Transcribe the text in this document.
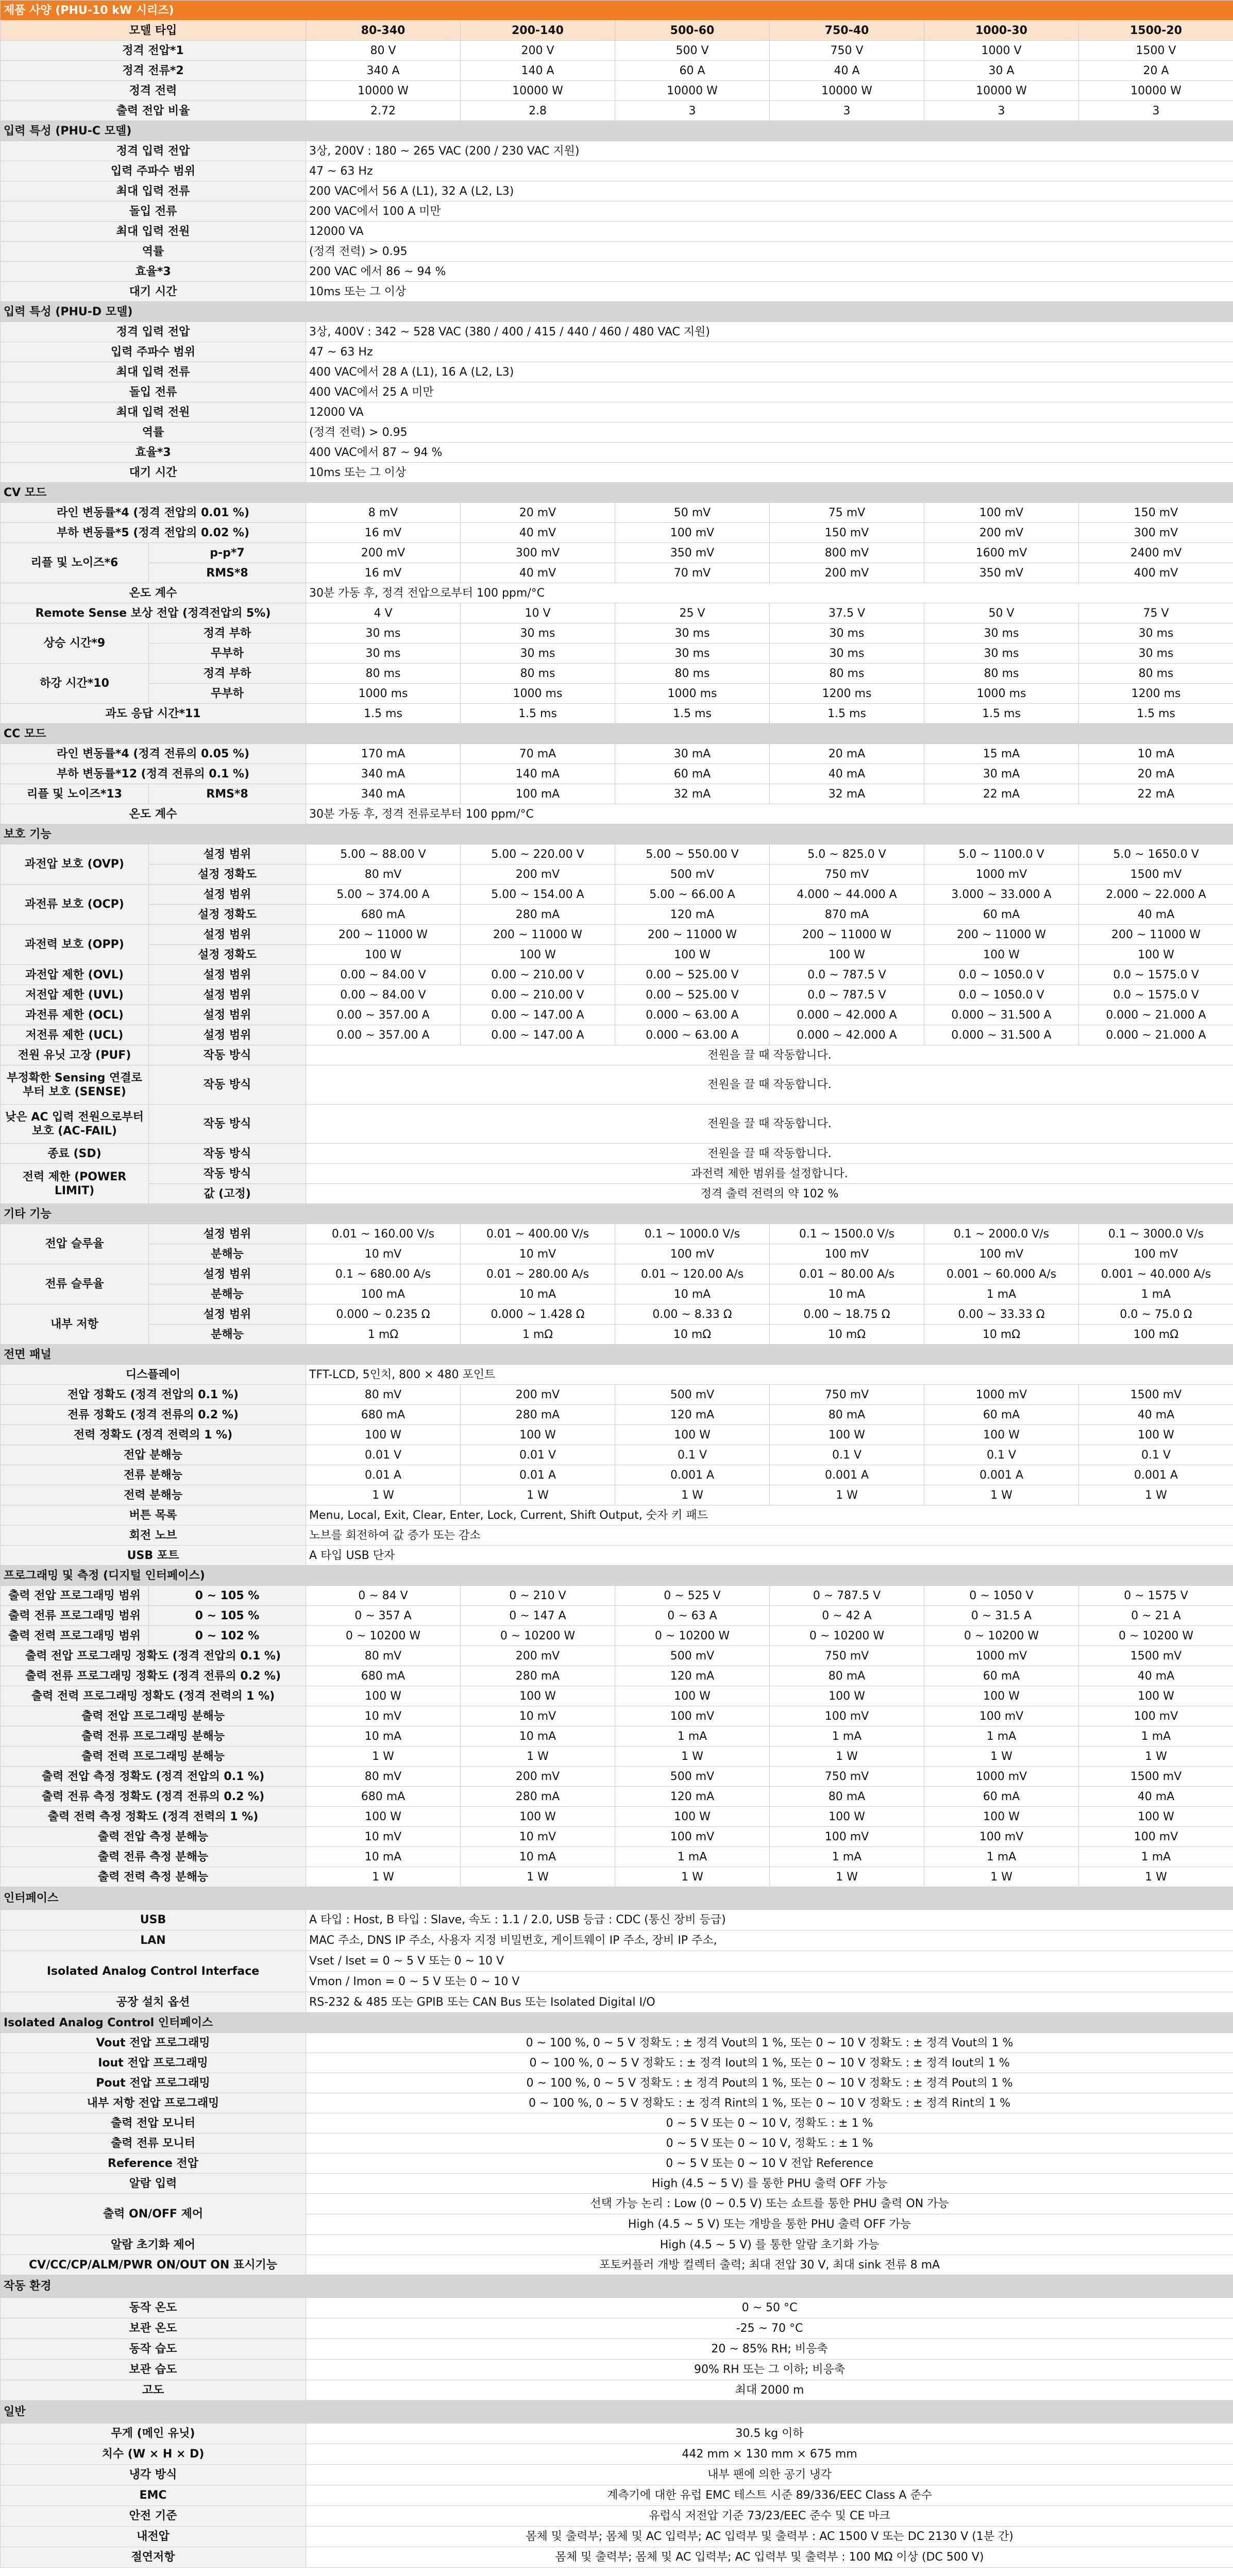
제품 사양 (PHU-10 kW 시리즈)							
모델 타입		80-340	200-140	500-60	750-40	1000-30	1500-20
정격 전압*1		80 V	200 V	500 V	750 V	1000 V	1500 V
정격 전류*2		340 A	140 A	60 A	40 A	30 A	20 A
정격 전력		10000 W	10000 W	10000 W	10000 W	10000 W	10000 W
출력 전압 비율		2.72	2.8	3	3	3	3
입력 특성 (PHU-C 모델)							
정격 입력 전압		3상, 200V : 180 ~ 265 VAC (200 / 230 VAC 지원)					
입력 주파수 범위		47 ~ 63 Hz					
최대 입력 전류		200 VAC에서 56 A (L1), 32 A (L2, L3)					
돌입 전류		200 VAC에서 100 A 미만					
최대 입력 전원		12000 VA					
역률		(정격 전력) > 0.95					
효율*3		200 VAC 에서 86 ~ 94 %					
대기 시간		10ms 또는 그 이상					
입력 특성 (PHU-D 모델)							
정격 입력 전압		3상, 400V : 342 ~ 528 VAC (380 / 400 / 415 / 440 / 460 / 480 VAC 지원)					
입력 주파수 범위		47 ~ 63 Hz					
최대 입력 전류		400 VAC에서 28 A (L1), 16 A (L2, L3)					
돌입 전류		400 VAC에서 25 A 미만					
최대 입력 전원		12000 VA					
역률		(정격 전력) > 0.95					
효율*3		400 VAC에서 87 ~ 94 %					
대기 시간		10ms 또는 그 이상					
CV 모드							
라인 변동률*4 (정격 전압의 0.01 %)		8 mV	20 mV	50 mV	75 mV	100 mV	150 mV
부하 변동률*5 (정격 전압의 0.02 %)		16 mV	40 mV	100 mV	150 mV	200 mV	300 mV
리플 및 노이즈*6	p-p*7	200 mV	300 mV	350 mV	800 mV	1600 mV	2400 mV
	RMS*8	16 mV	40 mV	70 mV	200 mV	350 mV	400 mV
온도 계수		30분 가동 후, 정격 전압으로부터 100 ppm/°C					
Remote Sense 보상 전압 (정격전압의 5%)		4 V	10 V	25 V	37.5 V	50 V	75 V
상승 시간*9	정격 부하	30 ms	30 ms	30 ms	30 ms	30 ms	30 ms
	무부하	30 ms	30 ms	30 ms	30 ms	30 ms	30 ms
하강 시간*10	정격 부하	80 ms	80 ms	80 ms	80 ms	80 ms	80 ms
	무부하	1000 ms	1000 ms	1000 ms	1200 ms	1000 ms	1200 ms
과도 응답 시간*11		1.5 ms	1.5 ms	1.5 ms	1.5 ms	1.5 ms	1.5 ms
CC 모드							
라인 변동률*4 (정격 전류의 0.05 %)		170 mA	70 mA	30 mA	20 mA	15 mA	10 mA
부하 변동률*12 (정격 전류의 0.1 %)		340 mA	140 mA	60 mA	40 mA	30 mA	20 mA
리플 및 노이즈*13	RMS*8	340 mA	100 mA	32 mA	32 mA	22 mA	22 mA
온도 계수		30분 가동 후, 정격 전류로부터 100 ppm/°C					
보호 기능							
과전압 보호 (OVP)	설정 범위	5.00 ~ 88.00 V	5.00 ~ 220.00 V	5.00 ~ 550.00 V	5.0 ~ 825.0 V	5.0 ~ 1100.0 V	5.0 ~ 1650.0 V
	설정 정확도	80 mV	200 mV	500 mV	750 mV	1000 mV	1500 mV
과전류 보호 (OCP)	설정 범위	5.00 ~ 374.00 A	5.00 ~ 154.00 A	5.00 ~ 66.00 A	4.000 ~ 44.000 A	3.000 ~ 33.000 A	2.000 ~ 22.000 A
	설정 정확도	680 mA	280 mA	120 mA	870 mA	60 mA	40 mA
과전력 보호 (OPP)	설정 범위	200 ~ 11000 W	200 ~ 11000 W	200 ~ 11000 W	200 ~ 11000 W	200 ~ 11000 W	200 ~ 11000 W
	설정 정확도	100 W	100 W	100 W	100 W	100 W	100 W
과전압 제한 (OVL)	설정 범위	0.00 ~ 84.00 V	0.00 ~ 210.00 V	0.00 ~ 525.00 V	0.0 ~ 787.5 V	0.0 ~ 1050.0 V	0.0 ~ 1575.0 V
저전압 제한 (UVL)	설정 범위	0.00 ~ 84.00 V	0.00 ~ 210.00 V	0.00 ~ 525.00 V	0.0 ~ 787.5 V	0.0 ~ 1050.0 V	0.0 ~ 1575.0 V
과전류 제한 (OCL)	설정 범위	0.00 ~ 357.00 A	0.00 ~ 147.00 A	0.000 ~ 63.00 A	0.000 ~ 42.000 A	0.000 ~ 31.500 A	0.000 ~ 21.000 A
저전류 제한 (UCL)	설정 범위	0.00 ~ 357.00 A	0.00 ~ 147.00 A	0.000 ~ 63.00 A	0.000 ~ 42.000 A	0.000 ~ 31.500 A	0.000 ~ 21.000 A
전원 유닛 고장 (PUF)	작동 방식	전원을 끌 때 작동합니다.					
부정확한 Sensing 연결로부터 보호 (SENSE)	작동 방식	전원을 끌 때 작동합니다.					
낮은 AC 입력 전원으로부터 보호 (AC-FAIL)	작동 방식	전원을 끌 때 작동합니다.					
종료 (SD)	작동 방식	전원을 끌 때 작동합니다.					
전력 제한 (POWER LIMIT)	작동 방식	과전력 제한 범위를 설정합니다.					
	값 (고정)	정격 출력 전력의 약 102 %					
기타 기능							
전압 슬루율	설정 범위	0.01 ~ 160.00 V/s	0.01 ~ 400.00 V/s	0.1 ~ 1000.0 V/s	0.1 ~ 1500.0 V/s	0.1 ~ 2000.0 V/s	0.1 ~ 3000.0 V/s
	분해능	10 mV	10 mV	100 mV	100 mV	100 mV	100 mV
전류 슬루율	설정 범위	0.1 ~ 680.00 A/s	0.01 ~ 280.00 A/s	0.01 ~ 120.00 A/s	0.01 ~ 80.00 A/s	0.001 ~ 60.000 A/s	0.001 ~ 40.000 A/s
	분해능	100 mA	10 mA	10 mA	10 mA	1 mA	1 mA
내부 저항	설정 범위	0.000 ~ 0.235 Ω	0.000 ~ 1.428 Ω	0.00 ~ 8.33 Ω	0.00 ~ 18.75 Ω	0.00 ~ 33.33 Ω	0.0 ~ 75.0 Ω
	분해능	1 mΩ	1 mΩ	10 mΩ	10 mΩ	10 mΩ	100 mΩ
전면 패널							
디스플레이		TFT-LCD, 5인치, 800 × 480 포인트					
전압 정확도 (정격 전압의 0.1 %)		80 mV	200 mV	500 mV	750 mV	1000 mV	1500 mV
전류 정확도 (정격 전류의 0.2 %)		680 mA	280 mA	120 mA	80 mA	60 mA	40 mA
전력 정확도 (정격 전력의 1 %)		100 W	100 W	100 W	100 W	100 W	100 W
전압 분해능		0.01 V	0.01 V	0.1 V	0.1 V	0.1 V	0.1 V
전류 분해능		0.01 A	0.01 A	0.001 A	0.001 A	0.001 A	0.001 A
전력 분해능		1 W	1 W	1 W	1 W	1 W	1 W
버튼 목록		Menu, Local, Exit, Clear, Enter, Lock, Current, Shift Output, 숫자 키 패드					
회전 노브		노브를 회전하여 값 증가 또는 감소					
USB 포트		A 타입 USB 단자					
프로그래밍 및 측정 (디지털 인터페이스)							
출력 전압 프로그래밍 범위	0 ~ 105 %	0 ~ 84 V	0 ~ 210 V	0 ~ 525 V	0 ~ 787.5 V	0 ~ 1050 V	0 ~ 1575 V
출력 전류 프로그래밍 범위	0 ~ 105 %	0 ~ 357 A	0 ~ 147 A	0 ~ 63 A	0 ~ 42 A	0 ~ 31.5 A	0 ~ 21 A
출력 전력 프로그래밍 범위	0 ~ 102 %	0 ~ 10200 W	0 ~ 10200 W	0 ~ 10200 W	0 ~ 10200 W	0 ~ 10200 W	0 ~ 10200 W
출력 전압 프로그래밍 정확도 (정격 전압의 0.1 %)		80 mV	200 mV	500 mV	750 mV	1000 mV	1500 mV
출력 전류 프로그래밍 정확도 (정격 전류의 0.2 %)		680 mA	280 mA	120 mA	80 mA	60 mA	40 mA
출력 전력 프로그래밍 정확도 (정격 전력의 1 %)		100 W	100 W	100 W	100 W	100 W	100 W
출력 전압 프로그래밍 분해능		10 mV	10 mV	100 mV	100 mV	100 mV	100 mV
출력 전류 프로그래밍 분해능		10 mA	10 mA	1 mA	1 mA	1 mA	1 mA
출력 전력 프로그래밍 분해능		1 W	1 W	1 W	1 W	1 W	1 W
출력 전압 측정 정확도 (정격 전압의 0.1 %)		80 mV	200 mV	500 mV	750 mV	1000 mV	1500 mV
출력 전류 측정 정확도 (정격 전류의 0.2 %)		680 mA	280 mA	120 mA	80 mA	60 mA	40 mA
출력 전력 측정 정확도 (정격 전력의 1 %)		100 W	100 W	100 W	100 W	100 W	100 W
출력 전압 측정 분해능		10 mV	10 mV	100 mV	100 mV	100 mV	100 mV
출력 전류 측정 분해능		10 mA	10 mA	1 mA	1 mA	1 mA	1 mA
출력 전력 측정 분해능		1 W	1 W	1 W	1 W	1 W	1 W
인터페이스							
USB		A 타입 : Host, B 타입 : Slave, 속도 : 1.1 / 2.0, USB 등급 : CDC (통신 장비 등급)					
LAN		MAC 주소, DNS IP 주소, 사용자 지정 비밀번호, 게이트웨이 IP 주소, 장비 IP 주소,					
Isolated Analog Control Interface		Vset / Iset = 0 ~ 5 V 또는 0 ~ 10 V					
		Vmon / Imon = 0 ~ 5 V 또는 0 ~ 10 V					
공장 설치 옵션		RS-232 & 485 또는 GPIB 또는 CAN Bus 또는 Isolated Digital I/O					
Isolated Analog Control 인터페이스							
Vout 전압 프로그래밍		0 ~ 100 %, 0 ~ 5 V 정확도 : ± 정격 Vout의 1 %, 또는 0 ~ 10 V 정확도 : ± 정격 Vout의 1 %					
Iout 전압 프로그래밍		0 ~ 100 %, 0 ~ 5 V 정확도 : ± 정격 Iout의 1 %, 또는 0 ~ 10 V 정확도 : ± 정격 Iout의 1 %					
Pout 전압 프로그래밍		0 ~ 100 %, 0 ~ 5 V 정확도 : ± 정격 Pout의 1 %, 또는 0 ~ 10 V 정확도 : ± 정격 Pout의 1 %					
내부 저항 전압 프로그래밍		0 ~ 100 %, 0 ~ 5 V 정확도 : ± 정격 Rint의 1 %, 또는 0 ~ 10 V 정확도 : ± 정격 Rint의 1 %					
출력 전압 모니터		0 ~ 5 V 또는 0 ~ 10 V, 정확도 : ± 1 %					
출력 전류 모니터		0 ~ 5 V 또는 0 ~ 10 V, 정확도 : ± 1 %					
Reference 전압		0 ~ 5 V 또는 0 ~ 10 V 전압 Reference					
알람 입력		High (4.5 ~ 5 V) 를 통한 PHU 출력 OFF 가능					
출력 ON/OFF 제어		선택 가능 논리 : Low (0 ~ 0.5 V) 또는 쇼트를 통한 PHU 출력 ON 가능					
		High (4.5 ~ 5 V) 또는 개방을 통한 PHU 출력 OFF 가능					
알람 초기화 제어		High (4.5 ~ 5 V) 를 통한 알람 초기화 가능					
CV/CC/CP/ALM/PWR ON/OUT ON 표시기능		포토커플러 개방 컬렉터 출력; 최대 전압 30 V, 최대 sink 전류 8 mA					
작동 환경							
동작 온도		0 ~ 50 °C					
보관 온도		-25 ~ 70 °C					
동작 습도		20 ~ 85% RH; 비응축					
보관 습도		90% RH 또는 그 이하; 비응축					
고도		최대 2000 m					
일반							
무게 (메인 유닛)		30.5 kg 이하					
치수 (W × H × D)		442 mm × 130 mm × 675 mm					
냉각 방식		내부 팬에 의한 공기 냉각					
EMC		계측기에 대한 유럽 EMC 테스트 시준 89/336/EEC Class A 준수					
안전 기준		유럽식 저전압 기준 73/23/EEC 준수 및 CE 마크					
내전압		몸체 및 출력부; 몸체 및 AC 입력부; AC 입력부 및 출력부 : AC 1500 V 또는 DC 2130 V (1분 간)					
절연저항		몸체 및 출력부; 몸체 및 AC 입력부; AC 입력부 및 출력부 : 100 MΩ 이상 (DC 500 V)					
